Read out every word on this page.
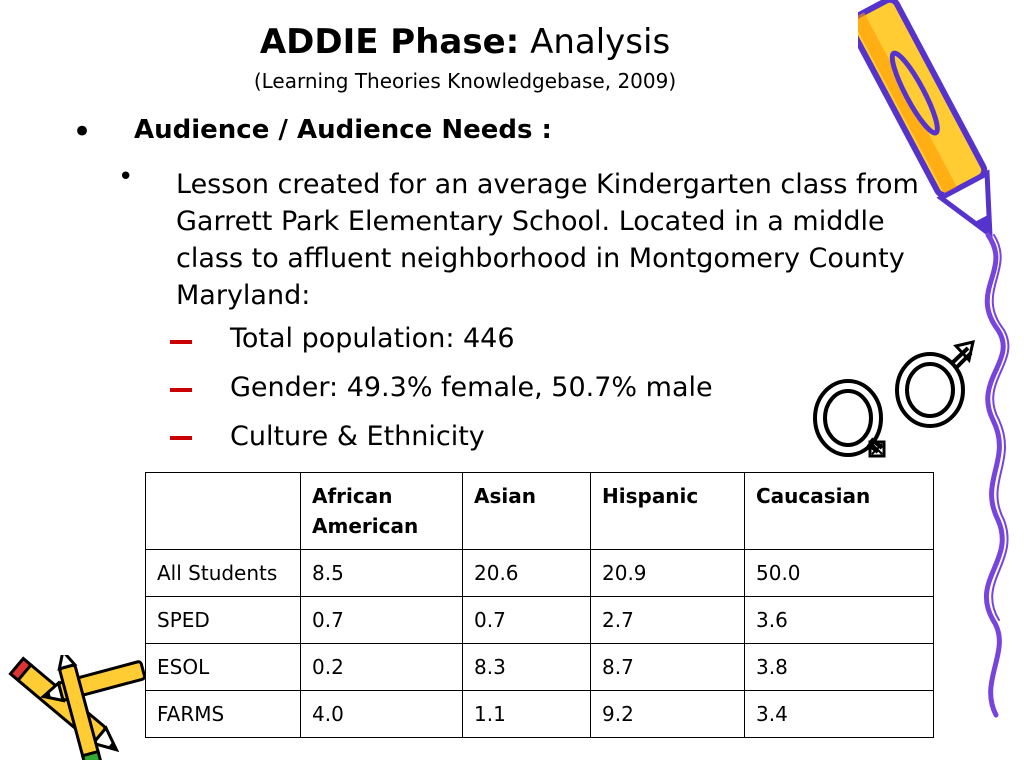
ADDIE Phase: Analysis
(Learning Theories Knowledgebase, 2009)
• Audience / Audience Needs :
• Lesson created for an average Kindergarten class from Garrett Park Elementary School. Located in a middle class to affluent neighborhood in Montgomery County Maryland:
Total population: 446
Gender: 49.3% female, 50.7% male
Culture & Ethnicity
	African American	Asian	Hispanic	Caucasian
All Students	8.5	20.6	20.9	50.0
SPED	0.7	0.7	2.7	3.6
ESOL	0.2	8.3	8.7	3.8
FARMS	4.0	1.1	9.2	3.4
